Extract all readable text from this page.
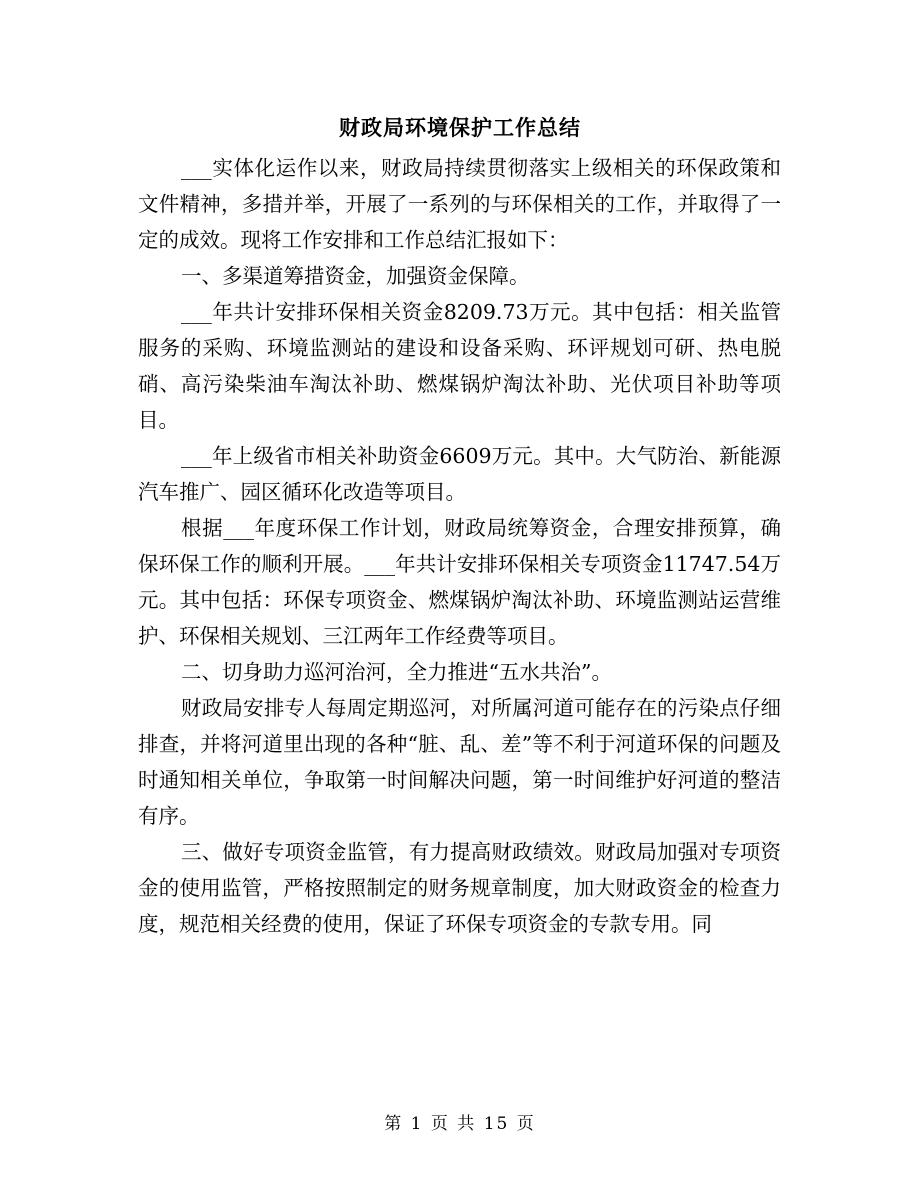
财政局环境保护工作总结

___实体化运作以来，财政局持续贯彻落实上级相关的环保政策和文件精神，多措并举，开展了一系列的与环保相关的工作，并取得了一定的成效。现将工作安排和工作总结汇报如下：

一、多渠道筹措资金，加强资金保障。

___年共计安排环保相关资金8209.73万元。其中包括：相关监管服务的采购、环境监测站的建设和设备采购、环评规划可研、热电脱硝、高污染柴油车淘汰补助、燃煤锅炉淘汰补助、光伏项目补助等项目。

___年上级省市相关补助资金6609万元。其中。大气防治、新能源汽车推广、园区循环化改造等项目。

根据___年度环保工作计划，财政局统筹资金，合理安排预算，确保环保工作的顺利开展。___年共计安排环保相关专项资金11747.54万元。其中包括：环保专项资金、燃煤锅炉淘汰补助、环境监测站运营维护、环保相关规划、三江两年工作经费等项目。

二、切身助力巡河治河，全力推进“五水共治”。

财政局安排专人每周定期巡河，对所属河道可能存在的污染点仔细排查，并将河道里出现的各种“脏、乱、差”等不利于河道环保的问题及时通知相关单位，争取第一时间解决问题，第一时间维护好河道的整洁有序。

三、做好专项资金监管，有力提高财政绩效。财政局加强对专项资金的使用监管，严格按照制定的财务规章制度，加大财政资金的检查力度，规范相关经费的使用，保证了环保专项资金的专款专用。同

第 1 页 共 15 页
